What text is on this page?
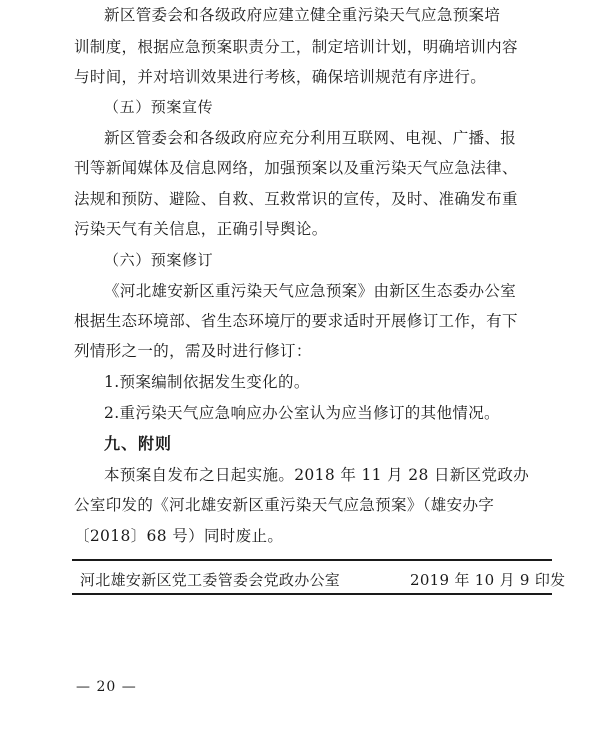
新区管委会和各级政府应建立健全重污染天气应急预案培
训制度，根据应急预案职责分工，制定培训计划，明确培训内容
与时间，并对培训效果进行考核，确保培训规范有序进行。
（五）预案宣传
新区管委会和各级政府应充分利用互联网、电视、广播、报
刊等新闻媒体及信息网络，加强预案以及重污染天气应急法律、
法规和预防、避险、自救、互救常识的宣传，及时、准确发布重
污染天气有关信息，正确引导舆论。
（六）预案修订
《河北雄安新区重污染天气应急预案》由新区生态委办公室
根据生态环境部、省生态环境厅的要求适时开展修订工作，有下
列情形之一的，需及时进行修订：
1.预案编制依据发生变化的。
2.重污染天气应急响应办公室认为应当修订的其他情况。
九、附则
本预案自发布之日起实施。2018 年 11 月 28 日新区党政办
公室印发的《河北雄安新区重污染天气应急预案》（雄安办字
〔2018〕68 号）同时废止。
河北雄安新区党工委管委会党政办公室	2019 年 10 月 9 印发
— 20 —
